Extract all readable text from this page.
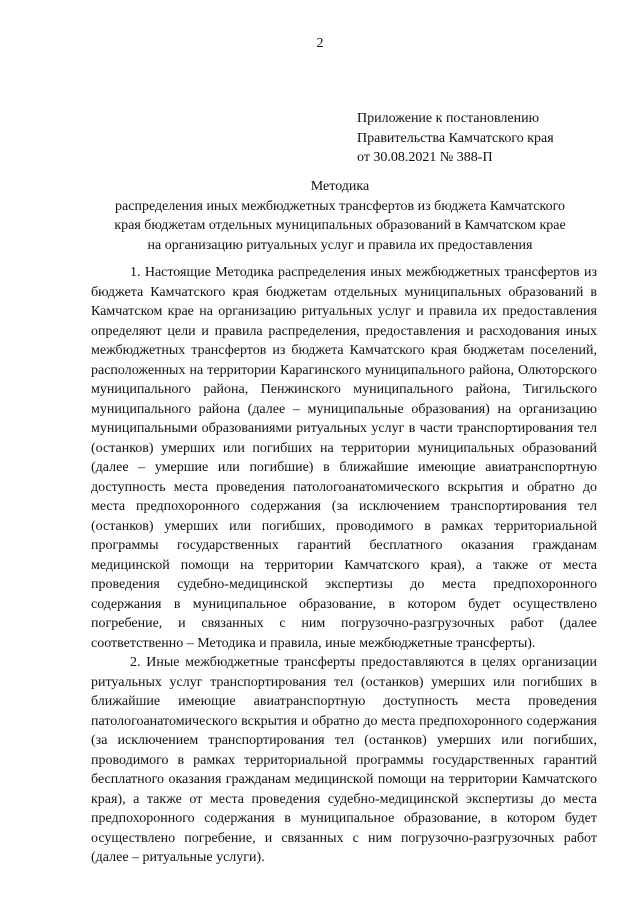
2
Приложение к постановлению
Правительства Камчатского края
от 30.08.2021 № 388-П
Методика
распределения иных межбюджетных трансфертов из бюджета Камчатского
края бюджетам отдельных муниципальных образований в Камчатском крае
на организацию ритуальных услуг и правила их предоставления

1. Настоящие Методика распределения иных межбюджетных трансфертов из бюджета Камчатского края бюджетам отдельных муниципальных образований в Камчатском крае на организацию ритуальных услуг и правила их предоставления определяют цели и правила распределения, предоставления и расходования иных межбюджетных трансфертов из бюджета Камчатского края бюджетам поселений, расположенных на территории Карагинского муниципального района, Олюторского муниципального района, Пенжинского муниципального района, Тигильского муниципального района (далее – муниципальные образования) на организацию муниципальными образованиями ритуальных услуг в части транспортирования тел (останков) умерших или погибших на территории муниципальных образований (далее – умершие или погибшие) в ближайшие имеющие авиатранспортную доступность места проведения патологоанатомического вскрытия и обратно до места предпохоронного содержания (за исключением транспортирования тел (останков) умерших или погибших, проводимого в рамках территориальной программы государственных гарантий бесплатного оказания гражданам медицинской помощи на территории Камчатского края), а также от места проведения судебно-медицинской экспертизы до места предпохоронного содержания в муниципальное образование, в котором будет осуществлено погребение, и связанных с ним погрузочно-разгрузочных работ (далее соответственно – Методика и правила, иные межбюджетные трансферты).

2. Иные межбюджетные трансферты предоставляются в целях организации ритуальных услуг транспортирования тел (останков) умерших или погибших в ближайшие имеющие авиатранспортную доступность места проведения патологоанатомического вскрытия и обратно до места предпохоронного содержания (за исключением транспортирования тел (останков) умерших или погибших, проводимого в рамках территориальной программы государственных гарантий бесплатного оказания гражданам медицинской помощи на территории Камчатского края), а также от места проведения судебно-медицинской экспертизы до места предпохоронного содержания в муниципальное образование, в котором будет осуществлено погребение, и связанных с ним погрузочно-разгрузочных работ (далее – ритуальные услуги).
